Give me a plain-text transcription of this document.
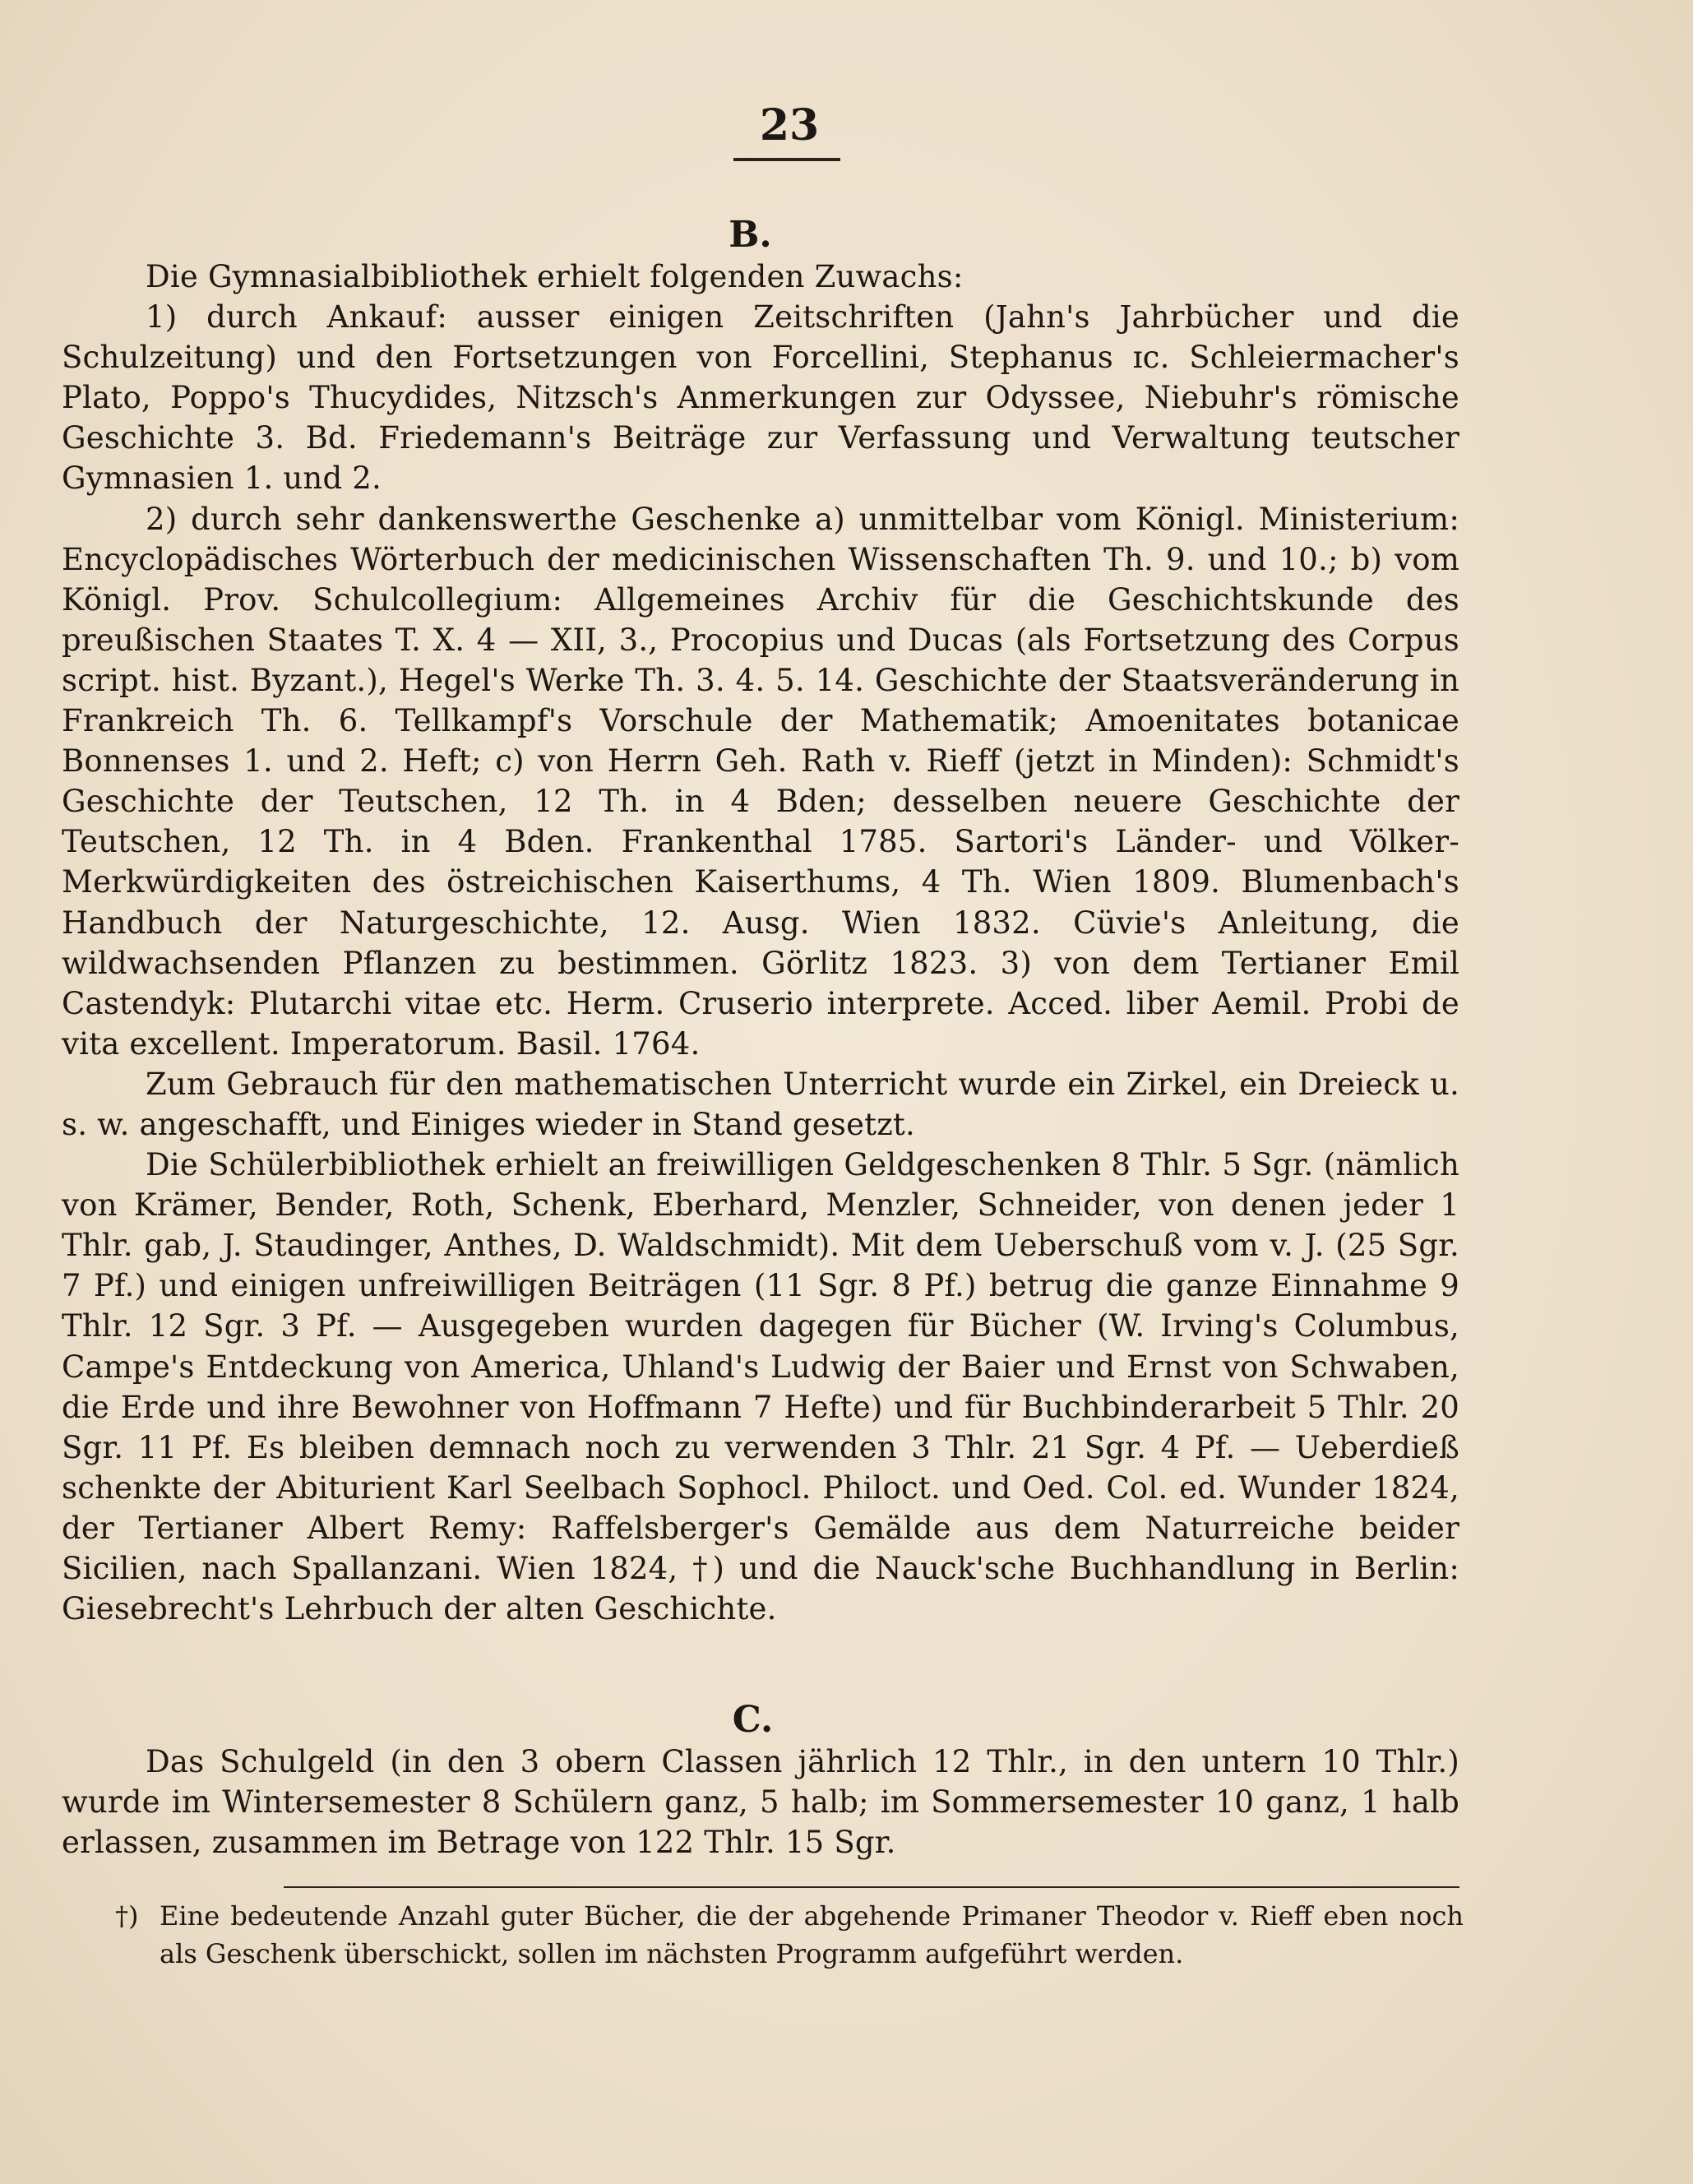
23
B.

Die Gymnasialbibliothek erhielt folgenden Zuwachs:

1) durch Ankauf: ausser einigen Zeitschriften (Jahn's Jahrbücher und die Schulzeitung) und den Fortsetzungen von Forcellini, Stephanus ɪc. Schleiermacher's Plato, Poppo's Thucydides, Nitzsch's Anmerkungen zur Odyssee, Niebuhr's römische Geschichte 3. Bd. Friedemann's Beiträge zur Verfassung und Verwaltung teutscher Gymnasien 1. und 2.

2) durch sehr dankenswerthe Geschenke a) unmittelbar vom Königl. Ministerium: Encyclopädisches Wörterbuch der medicinischen Wissenschaften Th. 9. und 10.; b) vom Königl. Prov. Schulcollegium: Allgemeines Archiv für die Geschichtskunde des preußischen Staates T. X. 4 — XII, 3., Procopius und Ducas (als Fortsetzung des Corpus script. hist. Byzant.), Hegel's Werke Th. 3. 4. 5. 14. Geschichte der Staatsveränderung in Frankreich Th. 6. Tellkampf's Vorschule der Mathematik; Amoenitates botanicae Bonnenses 1. und 2. Heft; c) von Herrn Geh. Rath v. Rieff (jetzt in Minden): Schmidt's Geschichte der Teutschen, 12 Th. in 4 Bden; desselben neuere Geschichte der Teutschen, 12 Th. in 4 Bden. Frankenthal 1785. Sartori's Länder- und Völker-Merkwürdigkeiten des östreichischen Kaiserthums, 4 Th. Wien 1809. Blumenbach's Handbuch der Naturgeschichte, 12. Ausg. Wien 1832. Cüvie's Anleitung, die wildwachsenden Pflanzen zu bestimmen. Görlitz 1823. 3) von dem Tertianer Emil Castendyk: Plutarchi vitae etc. Herm. Cruserio interprete. Acced. liber Aemil. Probi de vita excellent. Imperatorum. Basil. 1764.

Zum Gebrauch für den mathematischen Unterricht wurde ein Zirkel, ein Dreieck u. s. w. angeschafft, und Einiges wieder in Stand gesetzt.

Die Schülerbibliothek erhielt an freiwilligen Geldgeschenken 8 Thlr. 5 Sgr. (nämlich von Krämer, Bender, Roth, Schenk, Eberhard, Menzler, Schneider, von denen jeder 1 Thlr. gab, J. Staudinger, Anthes, D. Waldschmidt). Mit dem Ueberschuß vom v. J. (25 Sgr. 7 Pf.) und einigen unfreiwilligen Beiträgen (11 Sgr. 8 Pf.) betrug die ganze Einnahme 9 Thlr. 12 Sgr. 3 Pf. — Ausgegeben wurden dagegen für Bücher (W. Irving's Columbus, Campe's Entdeckung von America, Uhland's Ludwig der Baier und Ernst von Schwaben, die Erde und ihre Bewohner von Hoffmann 7 Hefte) und für Buchbinderarbeit 5 Thlr. 20 Sgr. 11 Pf. Es bleiben demnach noch zu verwenden 3 Thlr. 21 Sgr. 4 Pf. — Ueberdieß schenkte der Abiturient Karl Seelbach Sophocl. Philoct. und Oed. Col. ed. Wunder 1824, der Tertianer Albert Remy: Raffelsberger's Gemälde aus dem Naturreiche beider Sicilien, nach Spallanzani. Wien 1824, †) und die Nauck'sche Buchhandlung in Berlin: Giesebrecht's Lehrbuch der alten Geschichte.

C.

Das Schulgeld (in den 3 obern Classen jährlich 12 Thlr., in den untern 10 Thlr.) wurde im Wintersemester 8 Schülern ganz, 5 halb; im Sommersemester 10 ganz, 1 halb erlassen, zusammen im Betrage von 122 Thlr. 15 Sgr.

†) Eine bedeutende Anzahl guter Bücher, die der abgehende Primaner Theodor v. Rieff eben noch als Geschenk überschickt, sollen im nächsten Programm aufgeführt werden.
